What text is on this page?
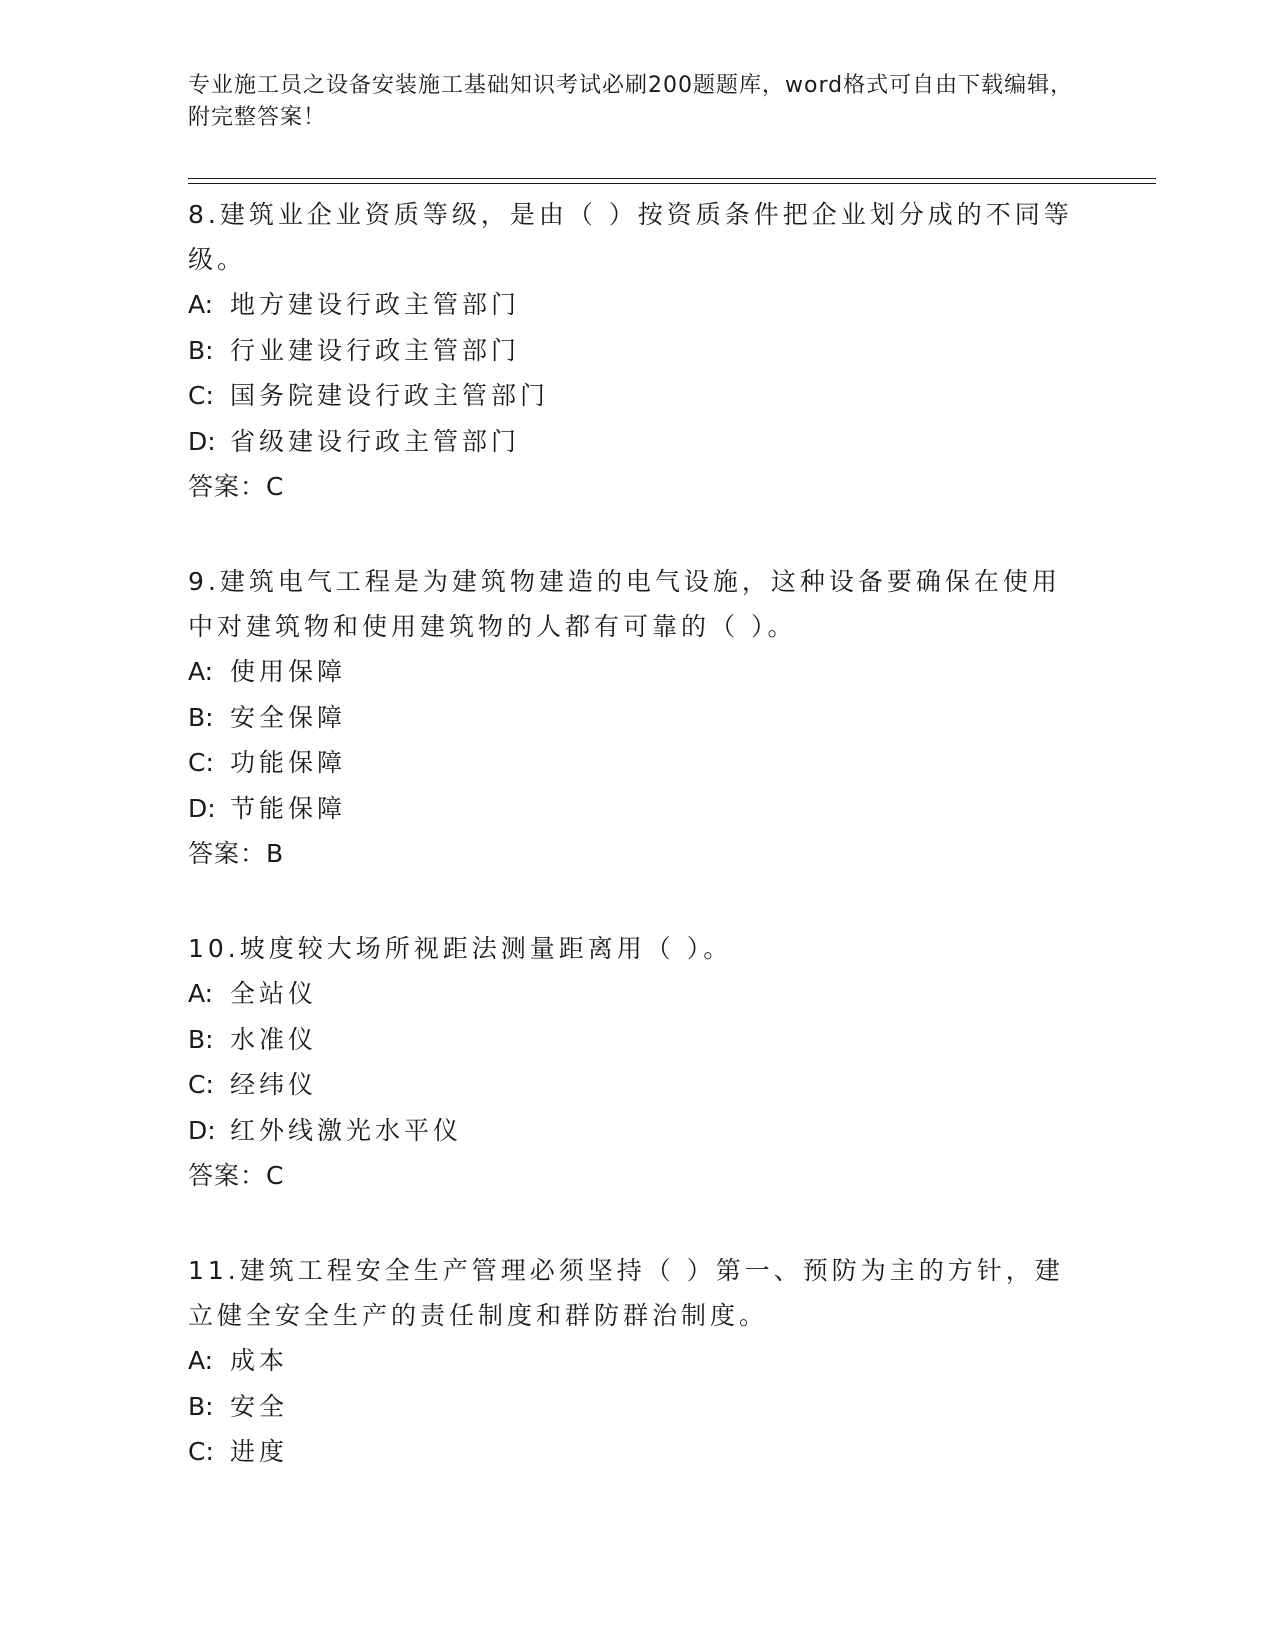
专业施工员之设备安装施工基础知识考试必刷200题题库，word格式可自由下载编辑，附完整答案！
8.建筑业企业资质等级，是由（ ）按资质条件把企业划分成的不同等级。
A: 地方建设行政主管部门
B: 行业建设行政主管部门
C: 国务院建设行政主管部门
D: 省级建设行政主管部门
答案：C
9.建筑电气工程是为建筑物建造的电气设施，这种设备要确保在使用中对建筑物和使用建筑物的人都有可靠的（ ）。
A: 使用保障
B: 安全保障
C: 功能保障
D: 节能保障
答案：B
10.坡度较大场所视距法测量距离用（ ）。
A: 全站仪
B: 水准仪
C: 经纬仪
D: 红外线激光水平仪
答案：C
11.建筑工程安全生产管理必须坚持（ ）第一、预防为主的方针，建立健全安全生产的责任制度和群防群治制度。
A: 成本
B: 安全
C: 进度
